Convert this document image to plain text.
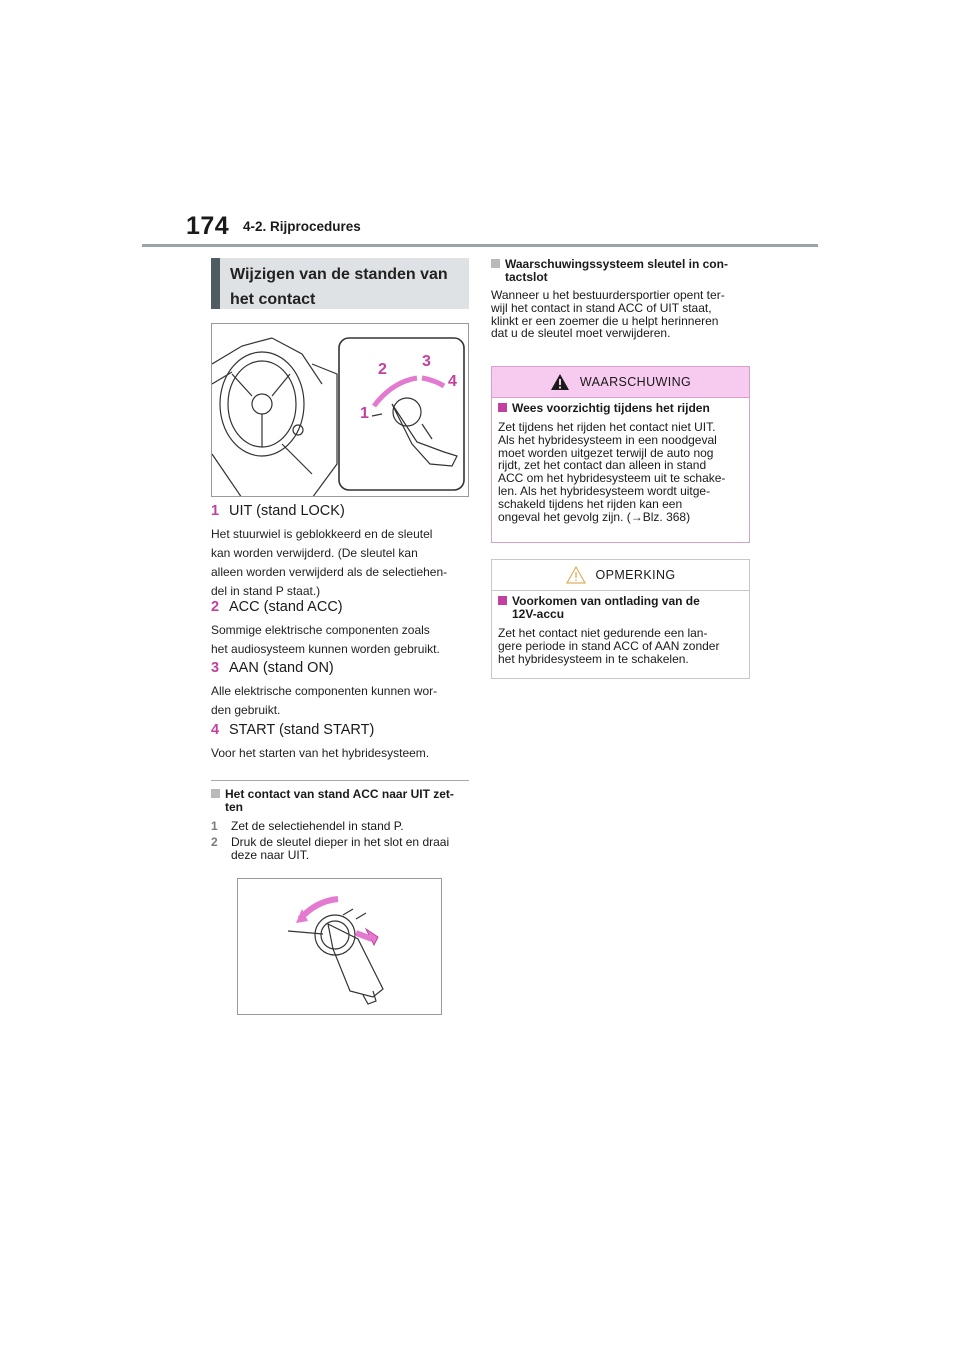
174 4-2. Rijprocedures
Wijzigen van de standen van
het contact
1
2 3
4
1 UIT (stand LOCK)
Het stuurwiel is geblokkeerd en de sleutel
kan worden verwijderd. (De sleutel kan
alleen worden verwijderd als de selectiehen-
del in stand P staat.)
2 ACC (stand ACC)
Sommige elektrische componenten zoals
het audiosysteem kunnen worden gebruikt.
3 AAN (stand ON)
Alle elektrische componenten kunnen wor-
den gebruikt.
4 START (stand START)
Voor het starten van het hybridesysteem.
Het contact van stand ACC naar UIT zet-
ten
1	Zet de selectiehendel in stand P.
2	Druk de sleutel dieper in het slot en draai
deze naar UIT.
Waarschuwingssysteem sleutel in con-
tactslot
Wanneer u het bestuurdersportier opent ter-
wijl het contact in stand ACC of UIT staat,
klinkt er een zoemer die u helpt herinneren
dat u de sleutel moet verwijderen.
WAARSCHUWING
Wees voorzichtig tijdens het rijden
Zet tijdens het rijden het contact niet UIT.
Als het hybridesysteem in een noodgeval
moet worden uitgezet terwijl de auto nog
rijdt, zet het contact dan alleen in stand
ACC om het hybridesysteem uit te schake-
len. Als het hybridesysteem wordt uitge-
schakeld tijdens het rijden kan een
ongeval het gevolg zijn. (→Blz. 368)
OPMERKING
Voorkomen van ontlading van de
12V-accu
Zet het contact niet gedurende een lan-
gere periode in stand ACC of AAN zonder
het hybridesysteem in te schakelen.
